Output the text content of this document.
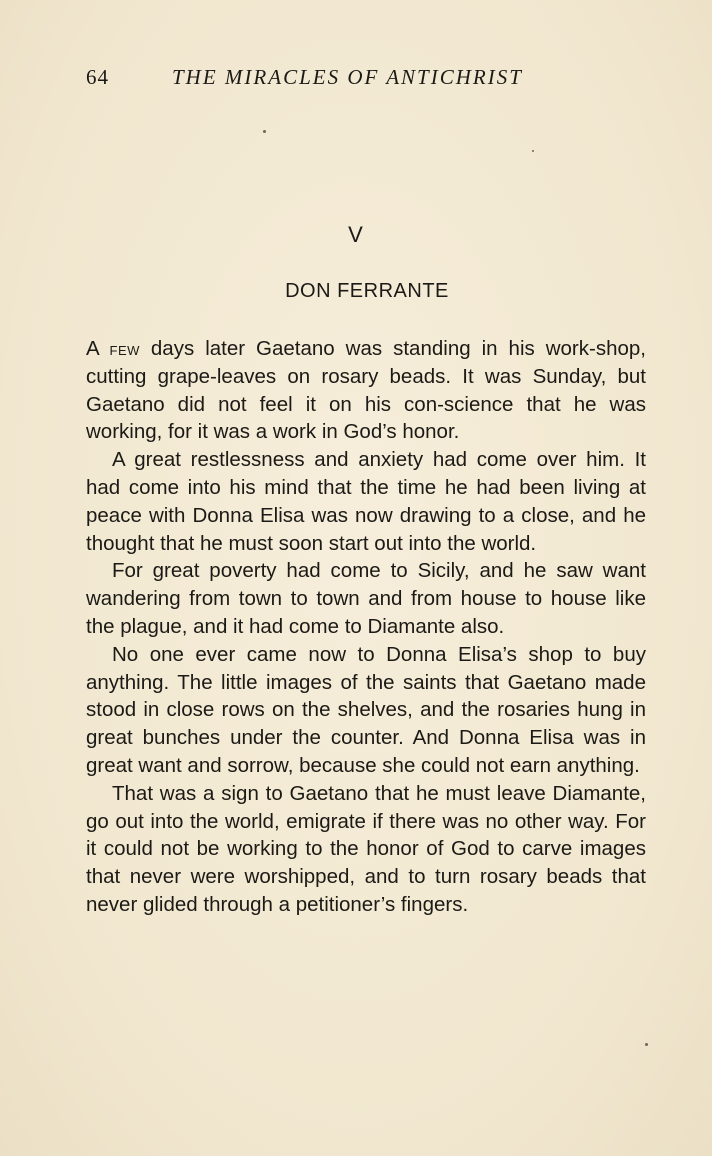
64	THE MIRACLES OF ANTICHRIST
V
DON FERRANTE

A few days later Gaetano was standing in his work-shop, cutting grape-leaves on rosary beads. It was Sunday, but Gaetano did not feel it on his con-science that he was working, for it was a work in God’s honor.

A great restlessness and anxiety had come over him. It had come into his mind that the time he had been living at peace with Donna Elisa was now drawing to a close, and he thought that he must soon start out into the world.

For great poverty had come to Sicily, and he saw want wandering from town to town and from house to house like the plague, and it had come to Diamante also.

No one ever came now to Donna Elisa’s shop to buy anything. The little images of the saints that Gaetano made stood in close rows on the shelves, and the rosaries hung in great bunches under the counter. And Donna Elisa was in great want and sorrow, because she could not earn anything.

That was a sign to Gaetano that he must leave Diamante, go out into the world, emigrate if there was no other way. For it could not be working to the honor of God to carve images that never were worshipped, and to turn rosary beads that never glided through a petitioner’s fingers.
